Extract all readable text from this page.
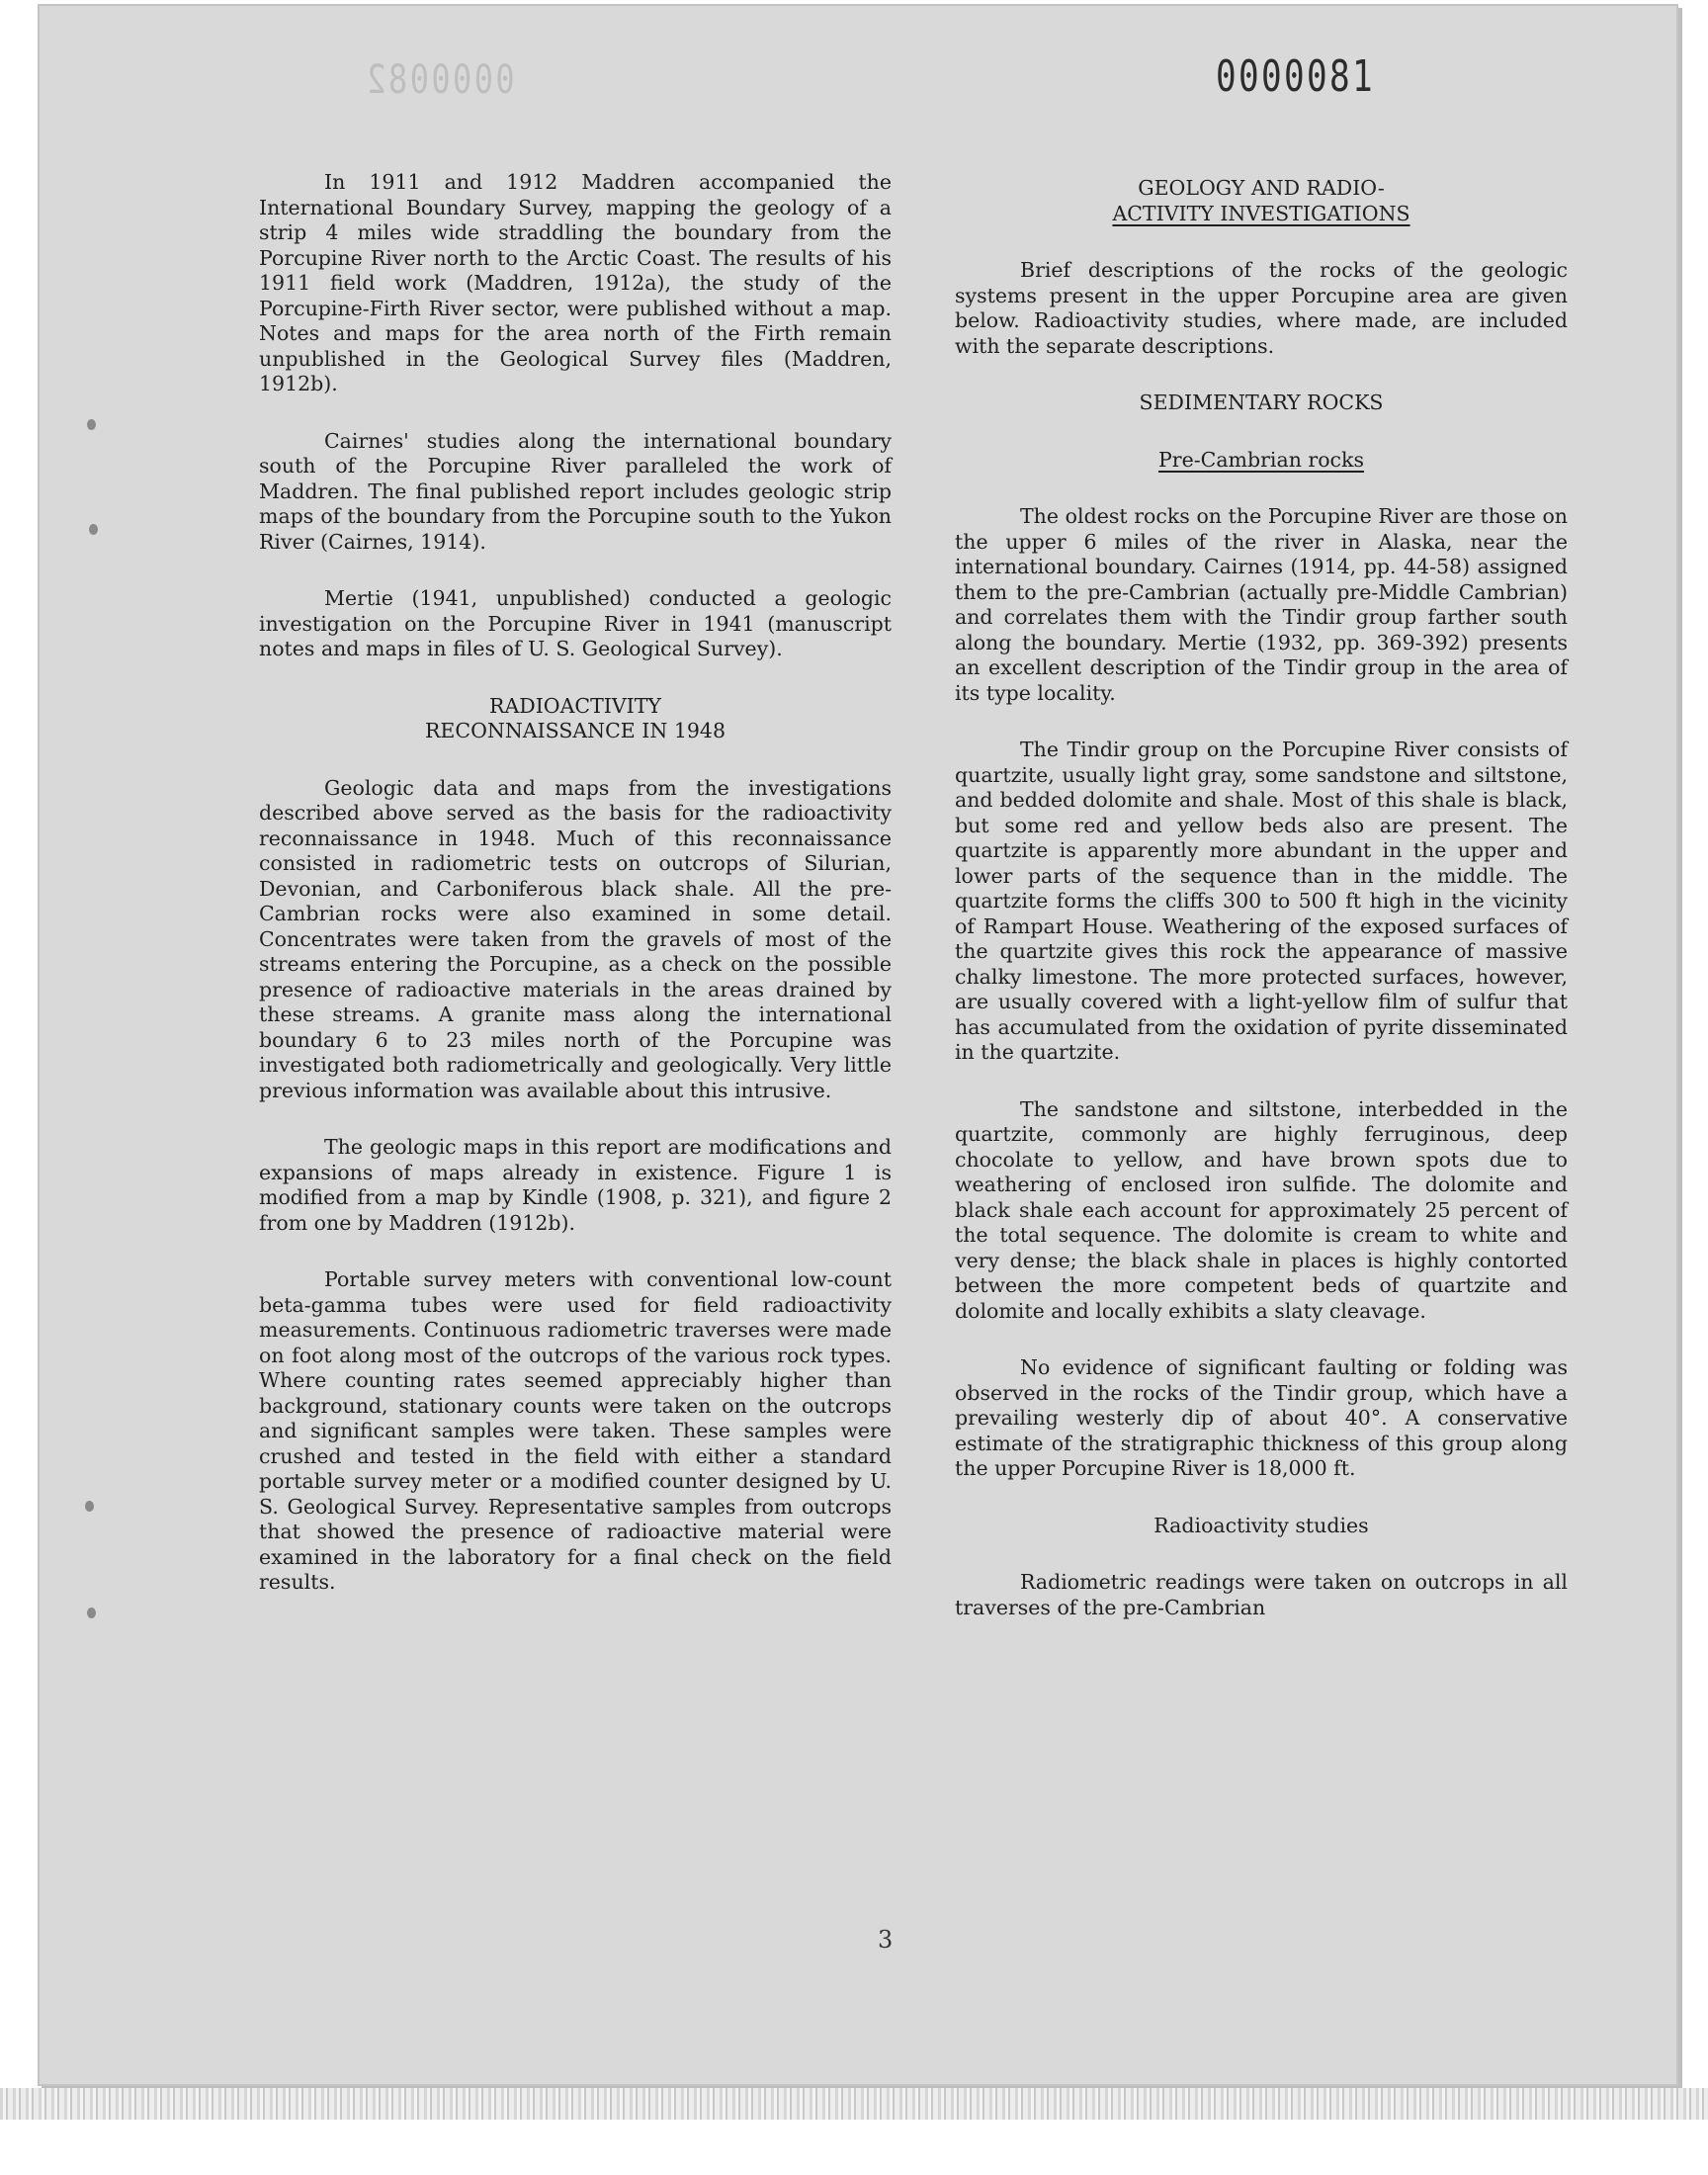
0000082	0000081

In 1911 and 1912 Maddren accompanied the International Boundary Survey, mapping the geology of a strip 4 miles wide straddling the boundary from the Porcupine River north to the Arctic Coast. The results of his 1911 field work (Maddren, 1912a), the study of the Porcupine-Firth River sector, were published without a map. Notes and maps for the area north of the Firth remain unpublished in the Geological Survey files (Maddren, 1912b).

Cairnes' studies along the international boundary south of the Porcupine River paralleled the work of Maddren. The final published report includes geologic strip maps of the boundary from the Porcupine south to the Yukon River (Cairnes, 1914).

Mertie (1941, unpublished) conducted a geologic investigation on the Porcupine River in 1941 (manuscript notes and maps in files of U. S. Geological Survey).

RADIOACTIVITY
RECONNAISSANCE IN 1948

Geologic data and maps from the investigations described above served as the basis for the radioactivity reconnaissance in 1948. Much of this reconnaissance consisted in radiometric tests on outcrops of Silurian, Devonian, and Carboniferous black shale. All the pre-Cambrian rocks were also examined in some detail. Concentrates were taken from the gravels of most of the streams entering the Porcupine, as a check on the possible presence of radioactive materials in the areas drained by these streams. A granite mass along the international boundary 6 to 23 miles north of the Porcupine was investigated both radiometrically and geologically. Very little previous information was available about this intrusive.

The geologic maps in this report are modifications and expansions of maps already in existence. Figure 1 is modified from a map by Kindle (1908, p. 321), and figure 2 from one by Maddren (1912b).

Portable survey meters with conventional low-count beta-gamma tubes were used for field radioactivity measurements. Continuous radiometric traverses were made on foot along most of the outcrops of the various rock types. Where counting rates seemed appreciably higher than background, stationary counts were taken on the outcrops and significant samples were taken. These samples were crushed and tested in the field with either a standard portable survey meter or a modified counter designed by U. S. Geological Survey. Representative samples from outcrops that showed the presence of radioactive material were examined in the laboratory for a final check on the field results.

GEOLOGY AND RADIO-
ACTIVITY INVESTIGATIONS

Brief descriptions of the rocks of the geologic systems present in the upper Porcupine area are given below. Radioactivity studies, where made, are included with the separate descriptions.

SEDIMENTARY ROCKS
Pre-Cambrian rocks

The oldest rocks on the Porcupine River are those on the upper 6 miles of the river in Alaska, near the international boundary. Cairnes (1914, pp. 44-58) assigned them to the pre-Cambrian (actually pre-Middle Cambrian) and correlates them with the Tindir group farther south along the boundary. Mertie (1932, pp. 369-392) presents an excellent description of the Tindir group in the area of its type locality.

The Tindir group on the Porcupine River consists of quartzite, usually light gray, some sandstone and siltstone, and bedded dolomite and shale. Most of this shale is black, but some red and yellow beds also are present. The quartzite is apparently more abundant in the upper and lower parts of the sequence than in the middle. The quartzite forms the cliffs 300 to 500 ft high in the vicinity of Rampart House. Weathering of the exposed surfaces of the quartzite gives this rock the appearance of massive chalky limestone. The more protected surfaces, however, are usually covered with a light-yellow film of sulfur that has accumulated from the oxidation of pyrite disseminated in the quartzite.

The sandstone and siltstone, interbedded in the quartzite, commonly are highly ferruginous, deep chocolate to yellow, and have brown spots due to weathering of enclosed iron sulfide. The dolomite and black shale each account for approximately 25 percent of the total sequence. The dolomite is cream to white and very dense; the black shale in places is highly contorted between the more competent beds of quartzite and dolomite and locally exhibits a slaty cleavage.

No evidence of significant faulting or folding was observed in the rocks of the Tindir group, which have a prevailing westerly dip of about 40°. A conservative estimate of the stratigraphic thickness of this group along the upper Porcupine River is 18,000 ft.

Radioactivity studies

Radiometric readings were taken on outcrops in all traverses of the pre-Cambrian

3
